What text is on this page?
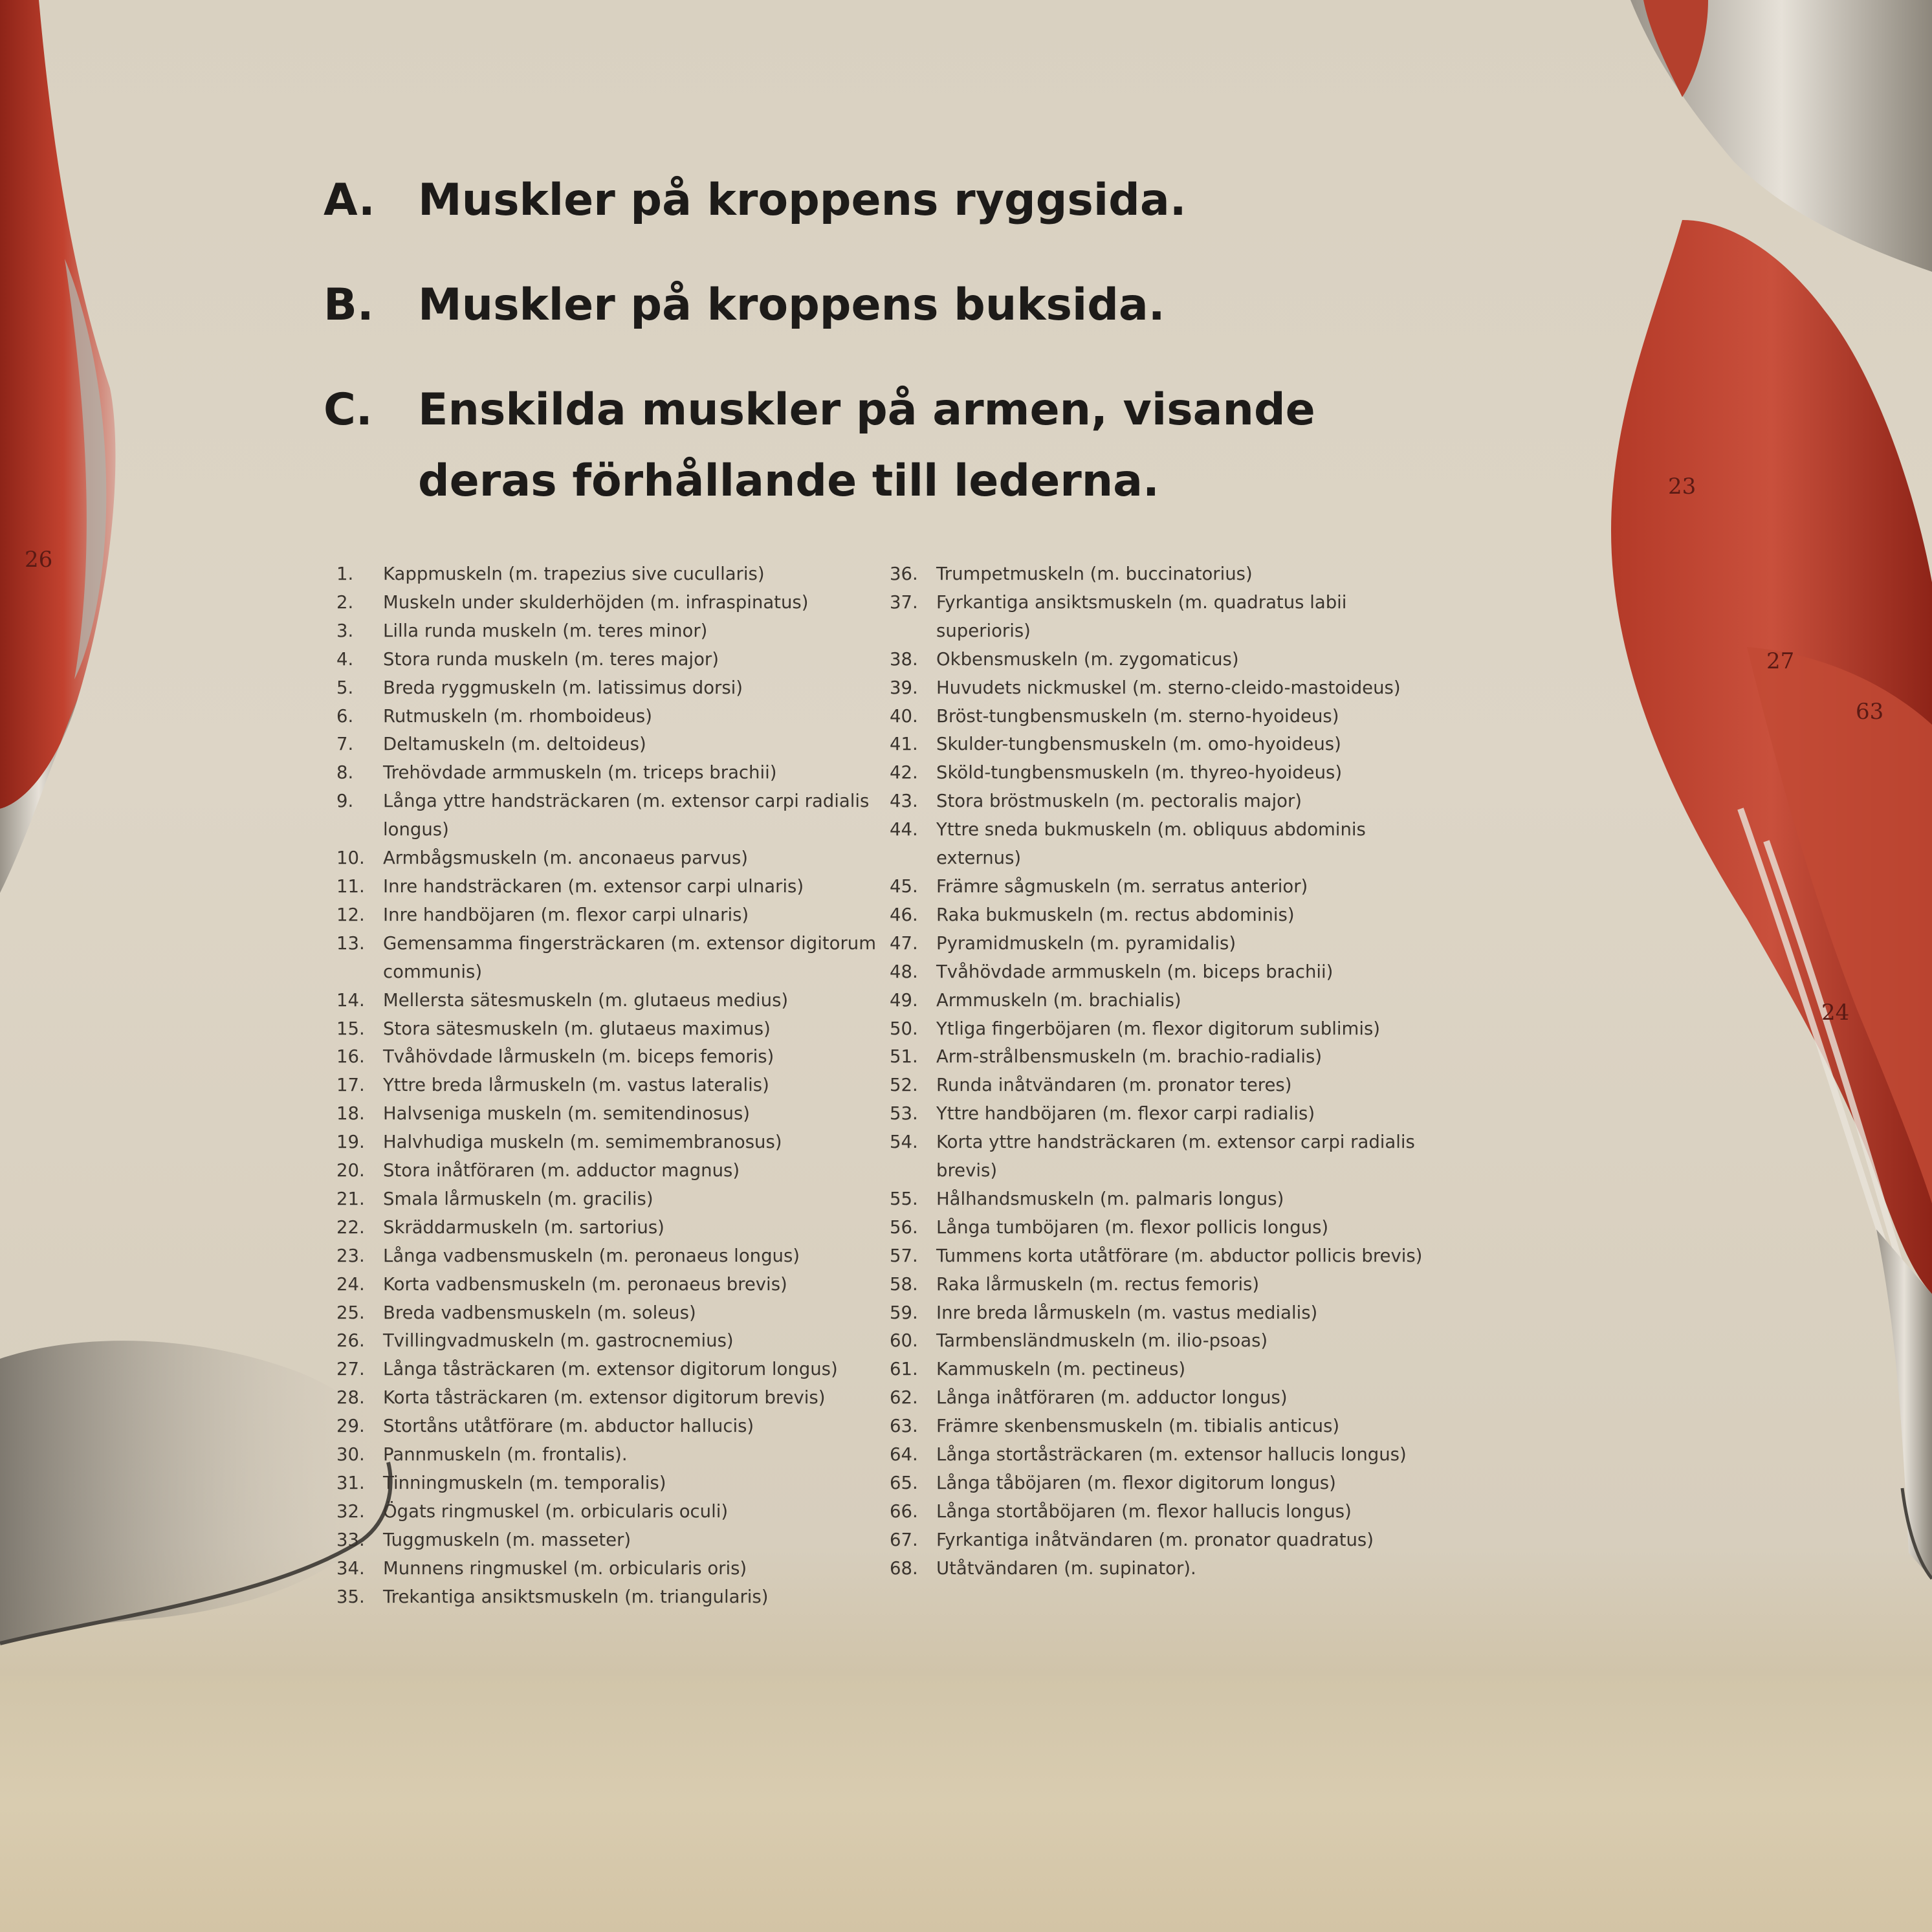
26
23
27
63
24
A. Muskler på kroppens ryggsida.
B.	Muskler på kroppens buksida.
C.	Enskilda muskler på armen, visande deras förhållande till lederna.
1.	Kappmuskeln (m. trapezius sive cucullaris)
2.	Muskeln under skulderhöjden (m. infraspinatus)
3.	Lilla runda muskeln (m. teres minor)
4.	Stora runda muskeln (m. teres major)
5.	Breda ryggmuskeln (m. latissimus dorsi)
6.	Rutmuskeln (m. rhomboideus)
7.	Deltamuskeln (m. deltoideus)
8.	Trehövdade armmuskeln (m. triceps brachii)
9.	Långa yttre handsträckaren (m. extensor carpi radialis longus)
10.	Armbågsmuskeln (m. anconaeus parvus)
11.	Inre handsträckaren (m. extensor carpi ulnaris)
12.	Inre handböjaren (m. flexor carpi ulnaris)
13.	Gemensamma fingersträckaren (m. extensor digitorum communis)
14.	Mellersta sätesmuskeln (m. glutaeus medius)
15.	Stora sätesmuskeln (m. glutaeus maximus)
16.	Tvåhövdade lårmuskeln (m. biceps femoris)
17.	Yttre breda lårmuskeln (m. vastus lateralis)
18.	Halvseniga muskeln (m. semitendinosus)
19.	Halvhudiga muskeln (m. semimembranosus)
20.	Stora inåtföraren (m. adductor magnus)
21.	Smala lårmuskeln (m. gracilis)
22.	Skräddarmuskeln (m. sartorius)
23.	Långa vadbensmuskeln (m. peronaeus longus)
24.	Korta vadbensmuskeln (m. peronaeus brevis)
25.	Breda vadbensmuskeln (m. soleus)
26.	Tvillingvadmuskeln (m. gastrocnemius)
27.	Långa tåsträckaren (m. extensor digitorum longus)
28.	Korta tåsträckaren (m. extensor digitorum brevis)
29.	Stortåns utåtförare (m. abductor hallucis)
30.	Pannmuskeln (m. frontalis).
31.	Tinningmuskeln (m. temporalis)
32.	Ögats ringmuskel (m. orbicularis oculi)
33.	Tuggmuskeln (m. masseter)
34.	Munnens ringmuskel (m. orbicularis oris)
35.	Trekantiga ansiktsmuskeln (m. triangularis)
36.	Trumpetmuskeln (m. buccinatorius)
37.	Fyrkantiga ansiktsmuskeln (m. quadratus labii superioris)
38.	Okbensmuskeln (m. zygomaticus)
39.	Huvudets nickmuskel (m. sterno-cleido-mastoideus)
40.	Bröst-tungbensmuskeln (m. sterno-hyoideus)
41.	Skulder-tungbensmuskeln (m. omo-hyoideus)
42.	Sköld-tungbensmuskeln (m. thyreo-hyoideus)
43.	Stora bröstmuskeln (m. pectoralis major)
44.	Yttre sneda bukmuskeln (m. obliquus abdominis externus)
45.	Främre sågmuskeln (m. serratus anterior)
46.	Raka bukmuskeln (m. rectus abdominis)
47.	Pyramidmuskeln (m. pyramidalis)
48.	Tvåhövdade armmuskeln (m. biceps brachii)
49.	Armmuskeln (m. brachialis)
50.	Ytliga fingerböjaren (m. flexor digitorum sublimis)
51.	Arm-strålbensmuskeln (m. brachio-radialis)
52.	Runda inåtvändaren (m. pronator teres)
53.	Yttre handböjaren (m. flexor carpi radialis)
54.	Korta yttre handsträckaren (m. extensor carpi radialis brevis)
55.	Hålhandsmuskeln (m. palmaris longus)
56.	Långa tumböjaren (m. flexor pollicis longus)
57.	Tummens korta utåtförare (m. abductor pollicis brevis)
58.	Raka lårmuskeln (m. rectus femoris)
59.	Inre breda lårmuskeln (m. vastus medialis)
60.	Tarmbensländmuskeln (m. ilio-psoas)
61.	Kammuskeln (m. pectineus)
62.	Långa inåtföraren (m. adductor longus)
63.	Främre skenbensmuskeln (m. tibialis anticus)
64.	Långa stortåsträckaren (m. extensor hallucis longus)
65.	Långa tåböjaren (m. flexor digitorum longus)
66.	Långa stortåböjaren (m. flexor hallucis longus)
67.	Fyrkantiga inåtvändaren (m. pronator quadratus)
68.	Utåtvändaren (m. supinator).
